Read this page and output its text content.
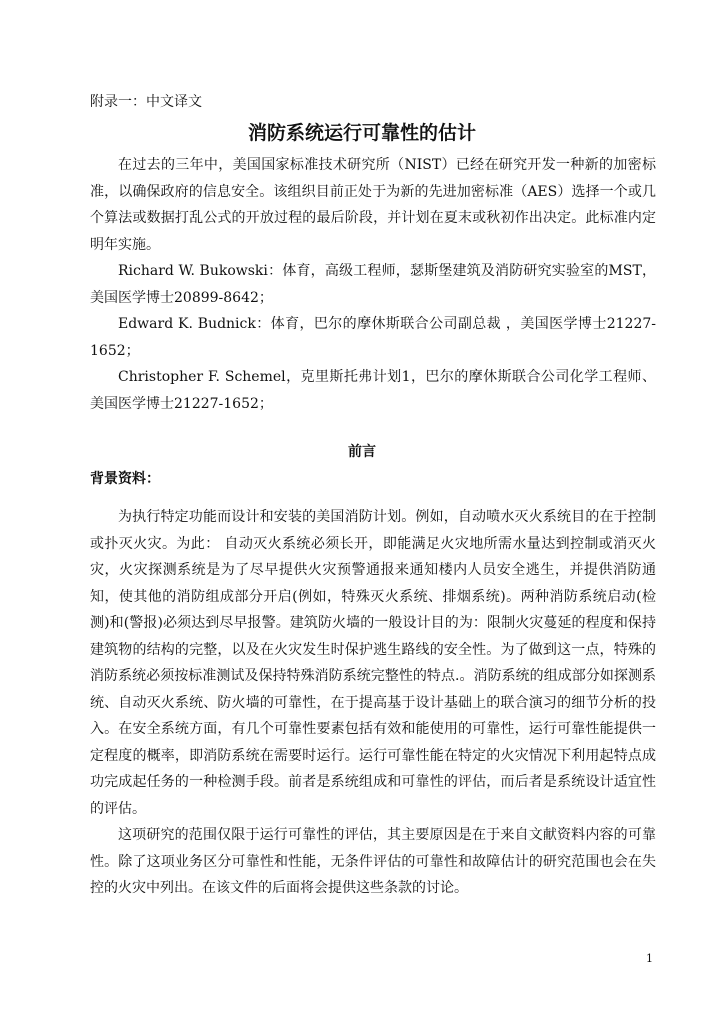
附录一：中文译文
消防系统运行可靠性的估计

在过去的三年中，美国国家标准技术研究所（NIST）已经在研究开发一种新的加密标准，以确保政府的信息安全。该组织目前正处于为新的先进加密标准（AES）选择一个或几个算法或数据打乱公式的开放过程的最后阶段，并计划在夏末或秋初作出决定。此标准内定明年实施。

Richard W. Bukowski：体育，高级工程师，瑟斯堡建筑及消防研究实验室的MST，美国医学博士20899-8642；

Edward K. Budnick：体育，巴尔的摩休斯联合公司副总裁 ，美国医学博士21227-1652；

Christopher F. Schemel，克里斯托弗计划1，巴尔的摩休斯联合公司化学工程师、美国医学博士21227-1652；

前言
背景资料：

为执行特定功能而设计和安装的美国消防计划。例如，自动喷水灭火系统目的在于控制或扑灭火灾。为此： 自动灭火系统必须长开，即能满足火灾地所需水量达到控制或消灭火灾，火灾探测系统是为了尽早提供火灾预警通报来通知楼内人员安全逃生，并提供消防通知，使其他的消防组成部分开启(例如，特殊灭火系统、排烟系统)。两种消防系统启动(检测)和(警报)必须达到尽早报警。建筑防火墙的一般设计目的为：限制火灾蔓延的程度和保持建筑物的结构的完整，以及在火灾发生时保护逃生路线的安全性。为了做到这一点，特殊的消防系统必须按标准测试及保持特殊消防系统完整性的特点.。消防系统的组成部分如探测系统、自动灭火系统、防火墙的可靠性，在于提高基于设计基础上的联合演习的细节分析的投入。在安全系统方面，有几个可靠性要素包括有效和能使用的可靠性，运行可靠性能提供一定程度的概率，即消防系统在需要时运行。运行可靠性能在特定的火灾情况下利用起特点成功完成起任务的一种检测手段。前者是系统组成和可靠性的评估，而后者是系统设计适宜性的评估。

这项研究的范围仅限于运行可靠性的评估，其主要原因是在于来自文献资料内容的可靠性。除了这项业务区分可靠性和性能，无条件评估的可靠性和故障估计的研究范围也会在失控的火灾中列出。在该文件的后面将会提供这些条款的讨论。

1
